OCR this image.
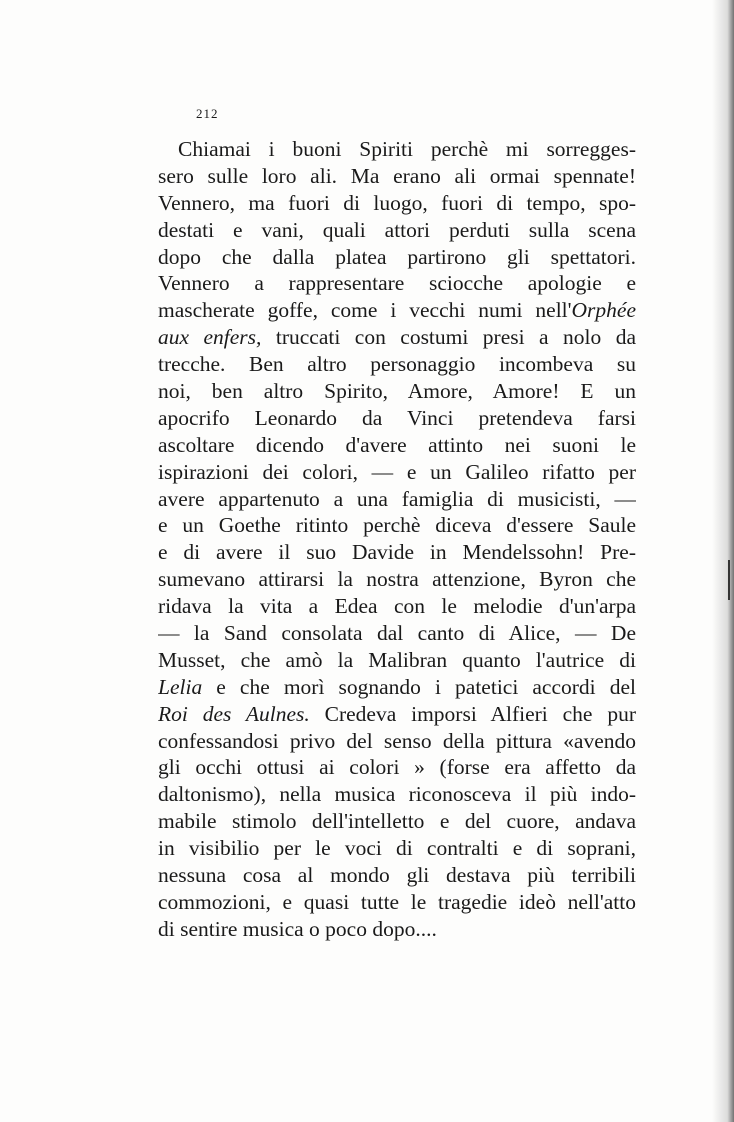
212
Chiamai i buoni Spiriti perchè mi sorregges-
sero sulle loro ali. Ma erano ali ormai spennate!
Vennero, ma fuori di luogo, fuori di tempo, spo-
destati e vani, quali attori perduti sulla scena
dopo che dalla platea partirono gli spettatori.
Vennero a rappresentare sciocche apologie e
mascherate goffe, come i vecchi numi nell'Orphée
aux enfers, truccati con costumi presi a nolo da
trecche. Ben altro personaggio incombeva su
noi, ben altro Spirito, Amore, Amore! E un
apocrifo Leonardo da Vinci pretendeva farsi
ascoltare dicendo d'avere attinto nei suoni le
ispirazioni dei colori, — e un Galileo rifatto per
avere appartenuto a una famiglia di musicisti, —
e un Goethe ritinto perchè diceva d'essere Saule
e di avere il suo Davide in Mendelssohn! Pre-
sumevano attirarsi la nostra attenzione, Byron che
ridava la vita a Edea con le melodie d'un'arpa
— la Sand consolata dal canto di Alice, — De
Musset, che amò la Malibran quanto l'autrice di
Lelia e che morì sognando i patetici accordi del
Roi des Aulnes. Credeva imporsi Alfieri che pur
confessandosi privo del senso della pittura «avendo
gli occhi ottusi ai colori » (forse era affetto da
daltonismo), nella musica riconosceva il più indo-
mabile stimolo dell'intelletto e del cuore, andava
in visibilio per le voci di contralti e di soprani,
nessuna cosa al mondo gli destava più terribili
commozioni, e quasi tutte le tragedie ideò nell'atto
di sentire musica o poco dopo....
